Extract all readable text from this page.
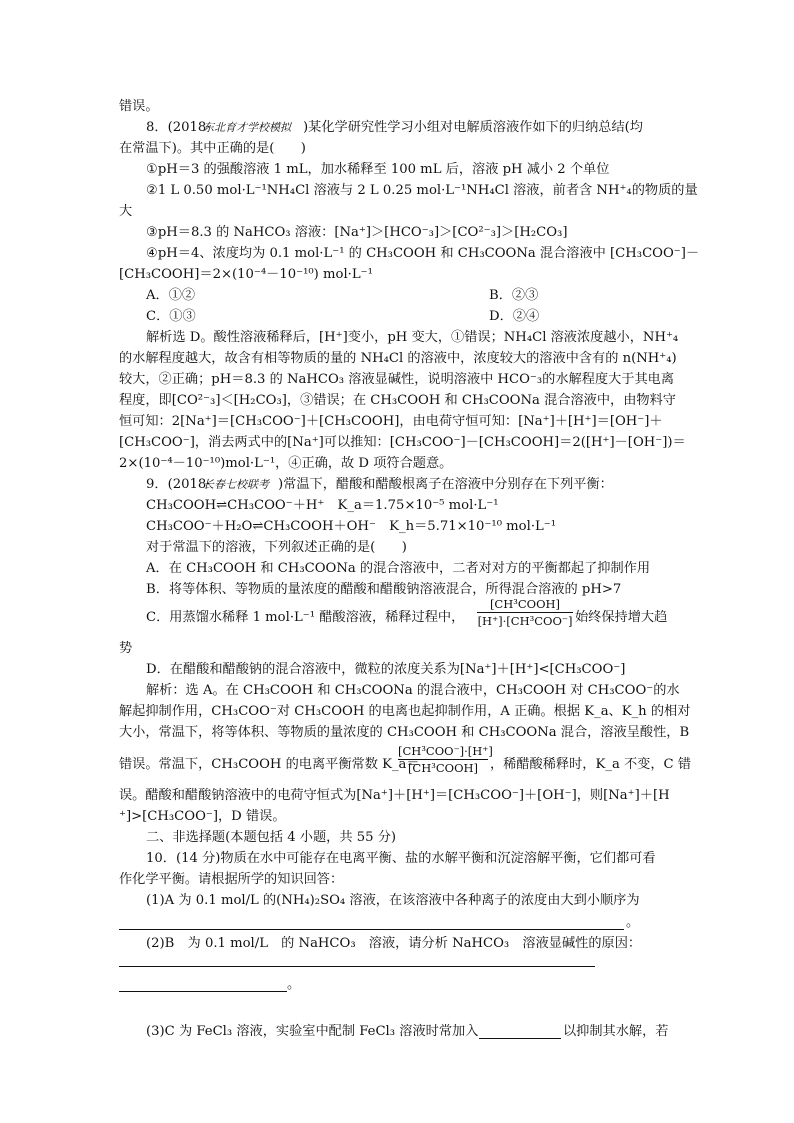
错误。
8．(2018·
东北育才学校模拟 )某化学研究性学习小组对电解质溶液作如下的归纳总结(均
在常温下)。其中正确的是(　　)
①pH＝3 的强酸溶液 1 mL，加水稀释至 100 mL 后，溶液 pH 减小 2 个单位
②1 L 0.50 mol·L⁻¹NH₄Cl 溶液与 2 L 0.25 mol·L⁻¹NH₄Cl 溶液，前者含 NH⁺₄的物质的量
大
③pH＝8.3 的 NaHCO₃ 溶液：[Na⁺]＞[HCO⁻₃]＞[CO²⁻₃]＞[H₂CO₃]
④pH＝4、浓度均为 0.1 mol·L⁻¹ 的 CH₃COOH 和 CH₃COONa 混合溶液中 [CH₃COO⁻]－
[CH₃COOH]＝2×(10⁻⁴－10⁻¹⁰) mol·L⁻¹
A．①②	B．②③
C．①③	D．②④
解析选 D。酸性溶液稀释后，[H⁺]变小，pH 变大，①错误；NH₄Cl 溶液浓度越小，NH⁺₄
的水解程度越大，故含有相等物质的量的 NH₄Cl 的溶液中，浓度较大的溶液中含有的 n(NH⁺₄)
较大，②正确；pH＝8.3 的 NaHCO₃ 溶液显碱性，说明溶液中 HCO⁻₃的水解程度大于其电离
程度，即[CO²⁻₃]＜[H₂CO₃]，③错误；在 CH₃COOH 和 CH₃COONa 混合溶液中，由物料守
恒可知：2[Na⁺]＝[CH₃COO⁻]＋[CH₃COOH]，由电荷守恒可知：[Na⁺]＋[H⁺]＝[OH⁻]＋
[CH₃COO⁻]，消去两式中的[Na⁺]可以推知：[CH₃COO⁻]－[CH₃COOH]＝2([H⁺]－[OH⁻])＝
2×(10⁻⁴－10⁻¹⁰)mol·L⁻¹，④正确，故 D 项符合题意。
9．(2018·
长春七校联考 )常温下，醋酸和醋酸根离子在溶液中分别存在下列平衡：
CH₃COOH⇌CH₃COO⁻＋H⁺　K_a＝1.75×10⁻⁵ mol·L⁻¹
CH₃COO⁻＋H₂O⇌CH₃COOH＋OH⁻　K_h＝5.71×10⁻¹⁰ mol·L⁻¹
对于常温下的溶液，下列叙述正确的是(　　)
A．在 CH₃COOH 和 CH₃COONa 的混合溶液中，二者对对方的平衡都起了抑制作用
B．将等体积、等物质的量浓度的醋酸和醋酸钠溶液混合，所得混合溶液的 pH>7
C．用蒸馏水稀释 1 mol·L⁻¹ 醋酸溶液，稀释过程中，	始终保持增大趋
[CH³COOH]
[H⁺]·[CH³COO⁻]
势
D．在醋酸和醋酸钠的混合溶液中，微粒的浓度关系为[Na⁺]＋[H⁺]<[CH₃COO⁻]
解析：选 A。在 CH₃COOH 和 CH₃COONa 的混合液中，CH₃COOH 对 CH₃COO⁻的水
解起抑制作用，CH₃COO⁻对 CH₃COOH 的电离也起抑制作用，A 正确。根据 K_a、K_h 的相对
大小，常温下，将等体积、等物质的量浓度的 CH₃COOH 和 CH₃COONa 混合，溶液呈酸性，B
错误。常温下，CH₃COOH 的电离平衡常数 K_a＝	，稀醋酸稀释时，K_a 不变，C 错
[CH³COO⁻]·[H⁺]
[CH³COOH]
误。醋酸和醋酸钠溶液中的电荷守恒式为[Na⁺]＋[H⁺]＝[CH₃COO⁻]＋[OH⁻]，则[Na⁺]＋[H
⁺]>[CH₃COO⁻]，D 错误。
二、非选择题(本题包括 4 小题，共 55 分)
10．(14 分)物质在水中可能存在电离平衡、盐的水解平衡和沉淀溶解平衡，它们都可看
作化学平衡。请根据所学的知识回答：
(1)A 为 0.1 mol/L 的(NH₄)₂SO₄ 溶液，在该溶液中各种离子的浓度由大到小顺序为
。
(2)B　为 0.1 mol/L　的 NaHCO₃　溶液，请分析 NaHCO₃　溶液显碱性的原因：
。
(3)C 为 FeCl₃ 溶液，实验室中配制 FeCl₃ 溶液时常加入	以抑制其水解，若
